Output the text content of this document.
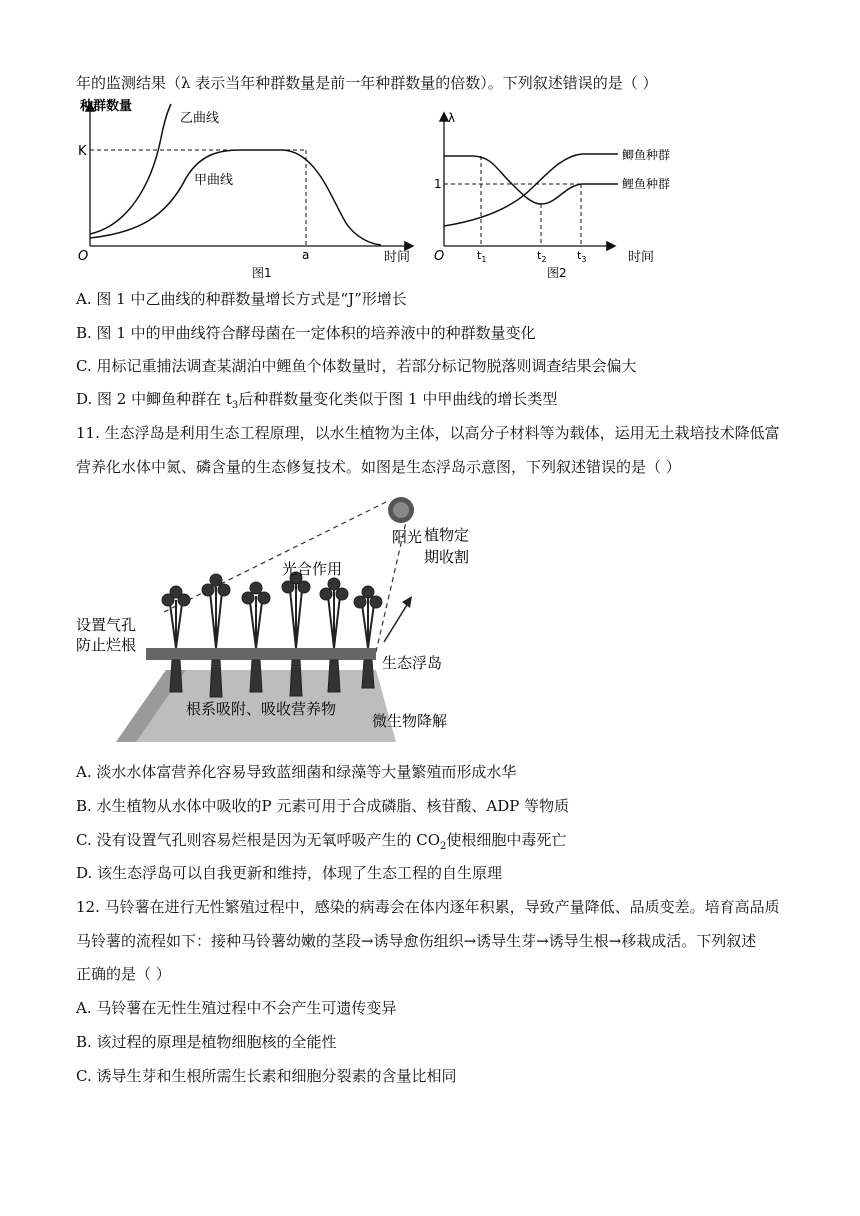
年的监测结果（λ 表示当年种群数量是前一年种群数量的倍数）。下列叙述错误的是（ ）
种群数量
K
O
乙曲线
甲曲线
a	时间
图1
λ
1
O
鲫鱼种群
鲤鱼种群
$t_1$	$t_2$	$t_3$	时间
图2
A. 图 1 中乙曲线的种群数量增长方式是“J”形增长
B. 图 1 中的甲曲线符合酵母菌在一定体积的培养液中的种群数量变化
C. 用标记重捕法调查某湖泊中鲤鱼个体数量时，若部分标记物脱落则调查结果会偏大
D. 图 2 中鲫鱼种群在 $t_3$后种群数量变化类似于图 1 中甲曲线的增长类型
11. 生态浮岛是利用生态工程原理，以水生植物为主体，以高分子材料等为载体，运用无土栽培技术降低富
营养化水体中氮、磷含量的生态修复技术。如图是生态浮岛示意图，下列叙述错误的是（ ）
阳光 植物定
期收割
光合作用
设置气孔
防止烂根
生态浮岛
根系吸附、吸收营养物
微生物降解
A. 淡水水体富营养化容易导致蓝细菌和绿藻等大量繁殖而形成水华
B. 水生植物从水体中吸收的P 元素可用于合成磷脂、核苷酸、ADP 等物质
C. 没有设置气孔则容易烂根是因为无氧呼吸产生的 $CO_2$使根细胞中毒死亡
D. 该生态浮岛可以自我更新和维持，体现了生态工程的自生原理
12. 马铃薯在进行无性繁殖过程中，感染的病毒会在体内逐年积累，导致产量降低、品质变差。培育高品质
马铃薯的流程如下：接种马铃薯幼嫩的茎段→诱导愈伤组织→诱导生芽→诱导生根→移栽成活。下列叙述
正确的是（ ）
A. 马铃薯在无性生殖过程中不会产生可遗传变异
B. 该过程的原理是植物细胞核的全能性
C. 诱导生芽和生根所需生长素和细胞分裂素的含量比相同
